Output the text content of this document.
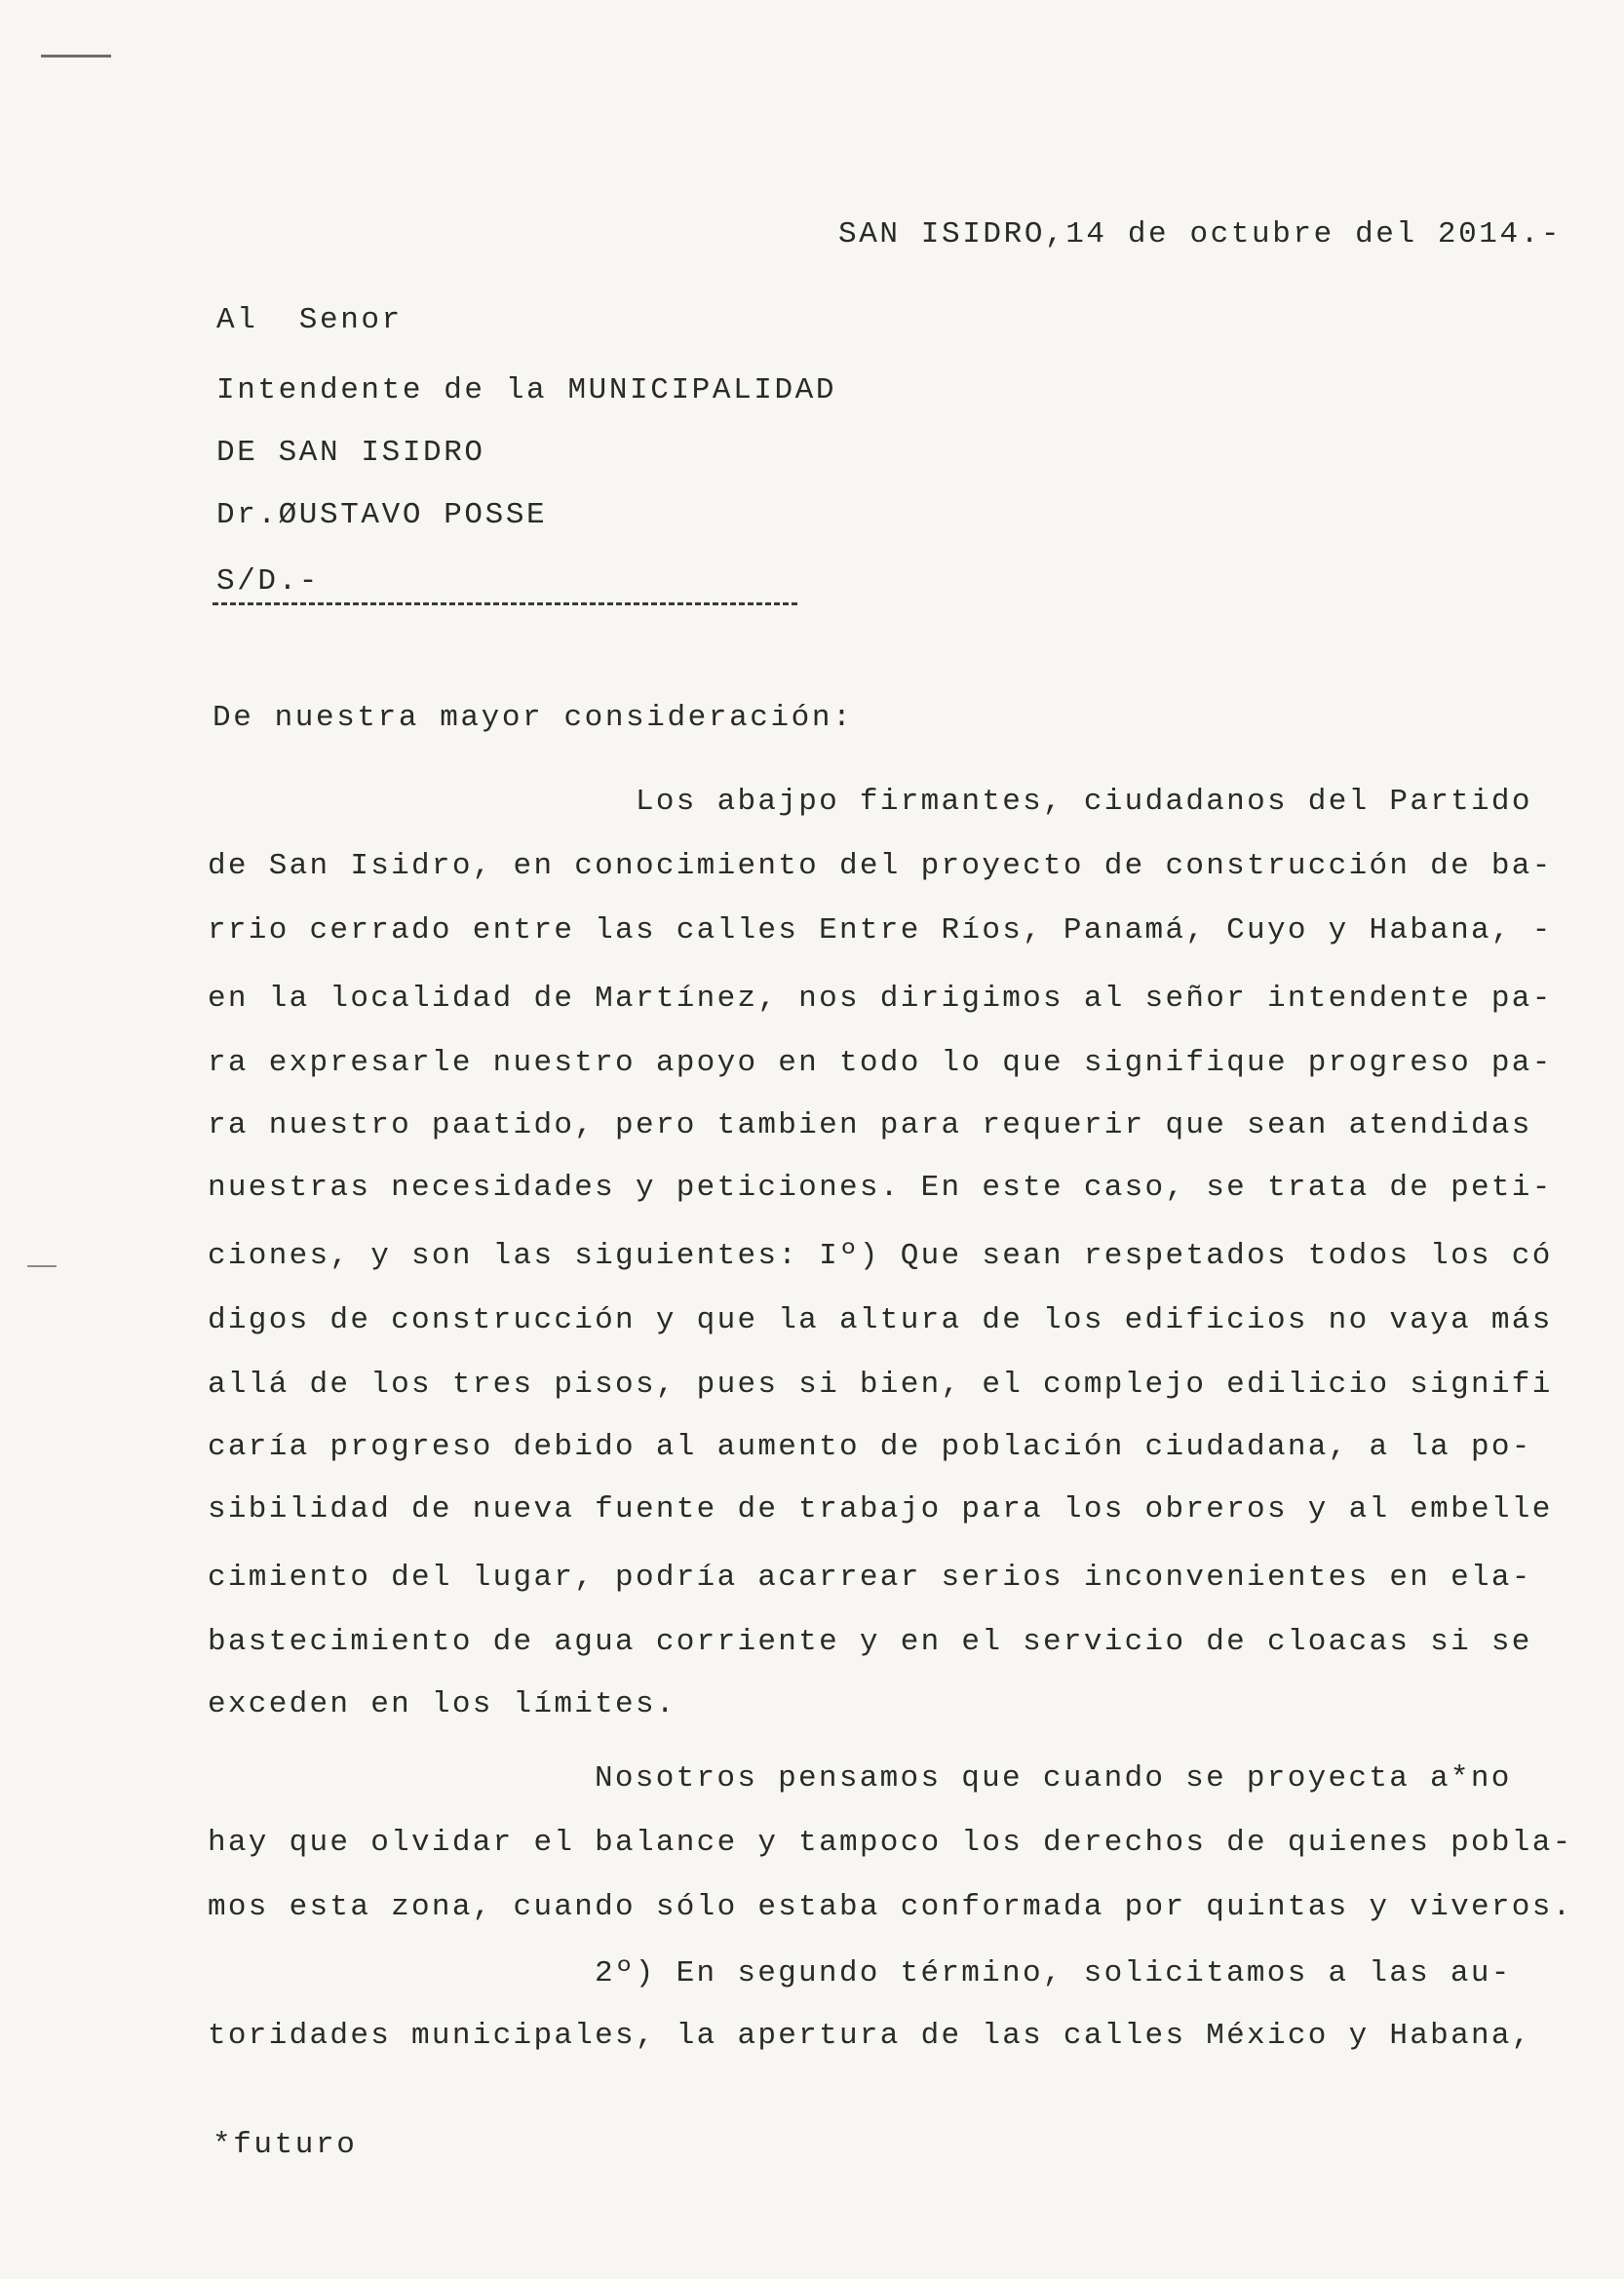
SAN ISIDRO,14 de octubre del 2014.-
Al  Senor
Intendente de la MUNICIPALIDAD
DE SAN ISIDRO
Dr.ØUSTAVO POSSE
S/D.-
De nuestra mayor consideración:
Los abajpo firmantes, ciudadanos del Partido
de San Isidro, en conocimiento del proyecto de construcción de ba-
rrio cerrado entre las calles Entre Ríos, Panamá, Cuyo y Habana, -
en la localidad de Martínez, nos dirigimos al señor intendente pa-
ra expresarle nuestro apoyo en todo lo que signifique progreso pa-
ra nuestro paatido, pero tambien para requerir que sean atendidas
nuestras necesidades y peticiones. En este caso, se trata de peti-
ciones, y son las siguientes: Iº) Que sean respetados todos los có
digos de construcción y que la altura de los edificios no vaya más
allá de los tres pisos, pues si bien, el complejo edilicio signifi
caría progreso debido al aumento de población ciudadana, a la po-
sibilidad de nueva fuente de trabajo para los obreros y al embelle
cimiento del lugar, podría acarrear serios inconvenientes en ela-
bastecimiento de agua corriente y en el servicio de cloacas si se
exceden en los límites.
Nosotros pensamos que cuando se proyecta a*no
hay que olvidar el balance y tampoco los derechos de quienes pobla-
mos esta zona, cuando sólo estaba conformada por quintas y viveros.
2º) En segundo término, solicitamos a las au-
toridades municipales, la apertura de las calles México y Habana,
*futuro
